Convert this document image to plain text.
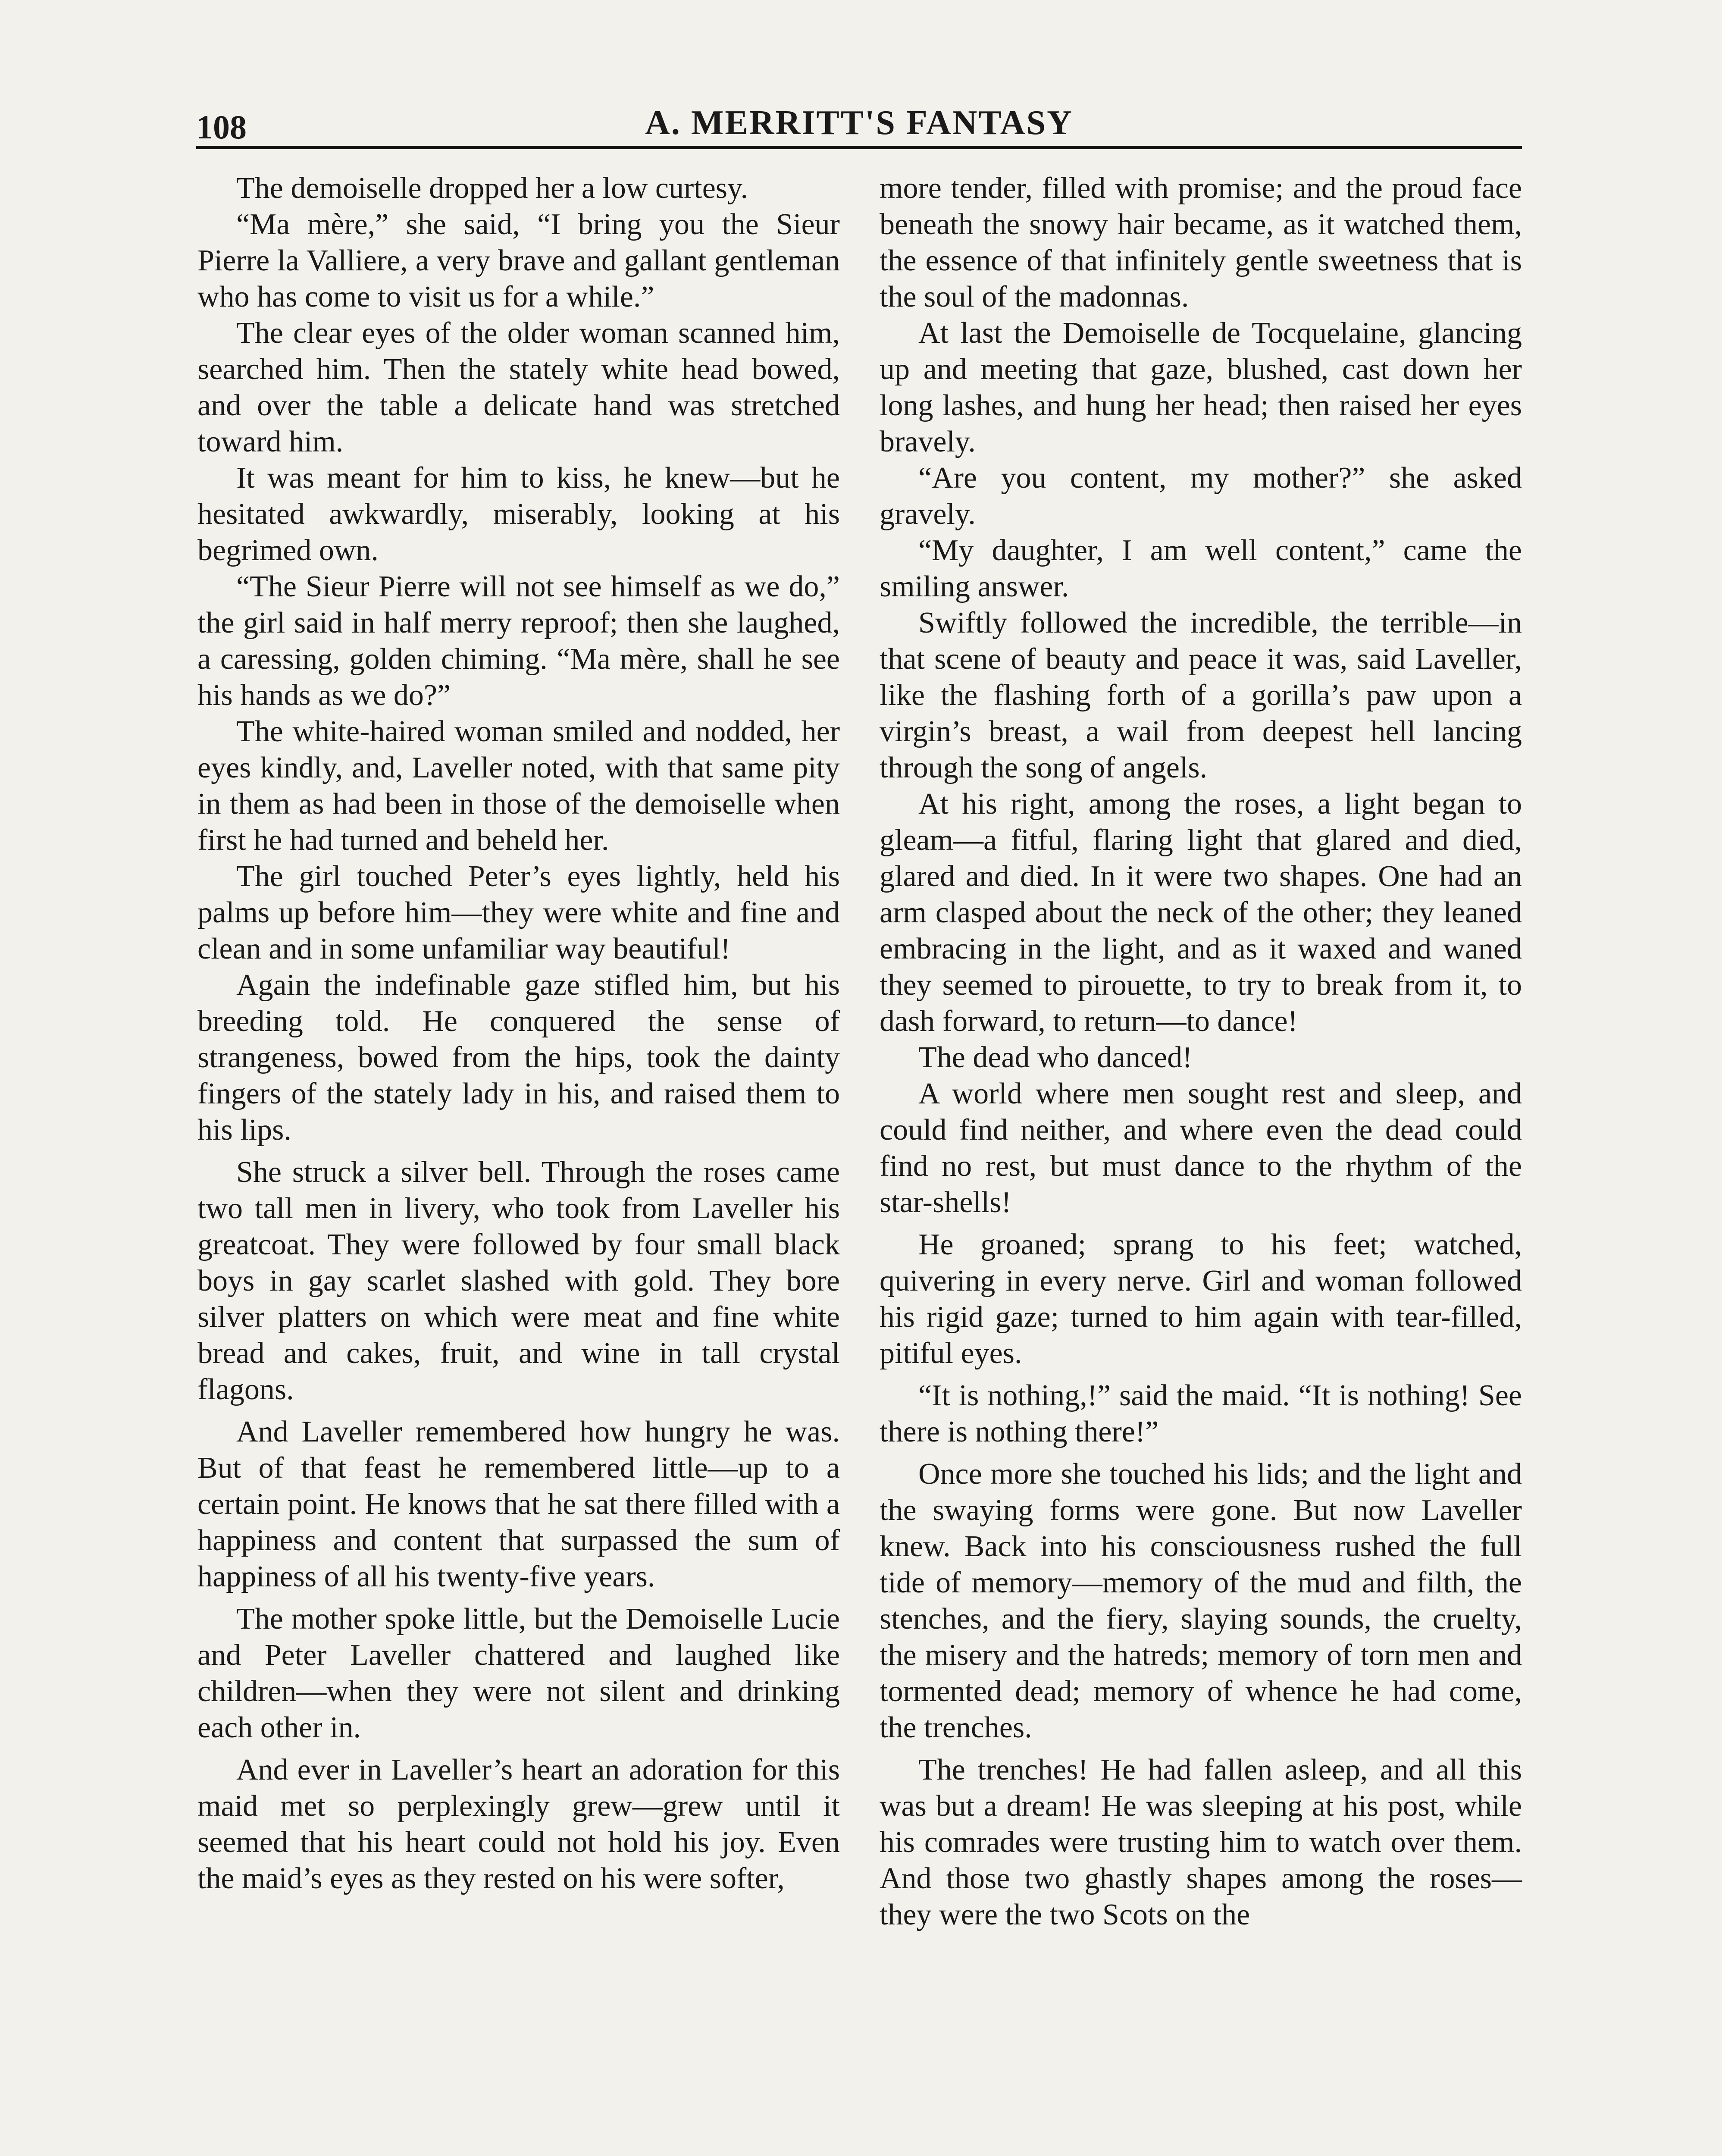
108	A. MERRITT'S FANTASY

The demoiselle dropped her a low curtesy.

“Ma mère,” she said, “I bring you the Sieur Pierre la Valliere, a very brave and gallant gentleman who has come to visit us for a while.”

The clear eyes of the older woman scanned him, searched him. Then the stately white head bowed, and over the table a delicate hand was stretched toward him.

It was meant for him to kiss, he knew—but he hesitated awkwardly, miserably, looking at his begrimed own.

“The Sieur Pierre will not see himself as we do,” the girl said in half merry reproof; then she laughed, a caressing, golden chiming. “Ma mère, shall he see his hands as we do?”

The white-haired woman smiled and nodded, her eyes kindly, and, Laveller noted, with that same pity in them as had been in those of the demoiselle when first he had turned and beheld her.

The girl touched Peter’s eyes lightly, held his palms up before him—they were white and fine and clean and in some unfamiliar way beautiful!

Again the indefinable gaze stifled him, but his breeding told. He conquered the sense of strangeness, bowed from the hips, took the dainty fingers of the stately lady in his, and raised them to his lips.

She struck a silver bell. Through the roses came two tall men in livery, who took from Laveller his greatcoat. They were followed by four small black boys in gay scarlet slashed with gold. They bore silver platters on which were meat and fine white bread and cakes, fruit, and wine in tall crystal flagons.

And Laveller remembered how hungry he was. But of that feast he remembered little—up to a certain point. He knows that he sat there filled with a happiness and content that surpassed the sum of happiness of all his twenty-five years.

The mother spoke little, but the Demoiselle Lucie and Peter Laveller chattered and laughed like children—when they were not silent and drinking each other in.

And ever in Laveller’s heart an adoration for this maid met so perplexingly grew—grew until it seemed that his heart could not hold his joy. Even the maid’s eyes as they rested on his were softer,

more tender, filled with promise; and the proud face beneath the snowy hair became, as it watched them, the essence of that infinitely gentle sweetness that is the soul of the madonnas.

At last the Demoiselle de Tocquelaine, glancing up and meeting that gaze, blushed, cast down her long lashes, and hung her head; then raised her eyes bravely.

“Are you content, my mother?” she asked gravely.

“My daughter, I am well content,” came the smiling answer.

Swiftly followed the incredible, the terrible—in that scene of beauty and peace it was, said Laveller, like the flashing forth of a gorilla’s paw upon a virgin’s breast, a wail from deepest hell lancing through the song of angels.

At his right, among the roses, a light began to gleam—a fitful, flaring light that glared and died, glared and died. In it were two shapes. One had an arm clasped about the neck of the other; they leaned embracing in the light, and as it waxed and waned they seemed to pirouette, to try to break from it, to dash forward, to return—to dance!

The dead who danced!

A world where men sought rest and sleep, and could find neither, and where even the dead could find no rest, but must dance to the rhythm of the star-shells!

He groaned; sprang to his feet; watched, quivering in every nerve. Girl and woman followed his rigid gaze; turned to him again with tear-filled, pitiful eyes.

“It is nothing,!” said the maid. “It is nothing! See there is nothing there!”

Once more she touched his lids; and the light and the swaying forms were gone. But now Laveller knew. Back into his consciousness rushed the full tide of memory—memory of the mud and filth, the stenches, and the fiery, slaying sounds, the cruelty, the misery and the hatreds; memory of torn men and tormented dead; memory of whence he had come, the trenches.

The trenches! He had fallen asleep, and all this was but a dream! He was sleeping at his post, while his comrades were trusting him to watch over them. And those two ghastly shapes among the roses—they were the two Scots on the
